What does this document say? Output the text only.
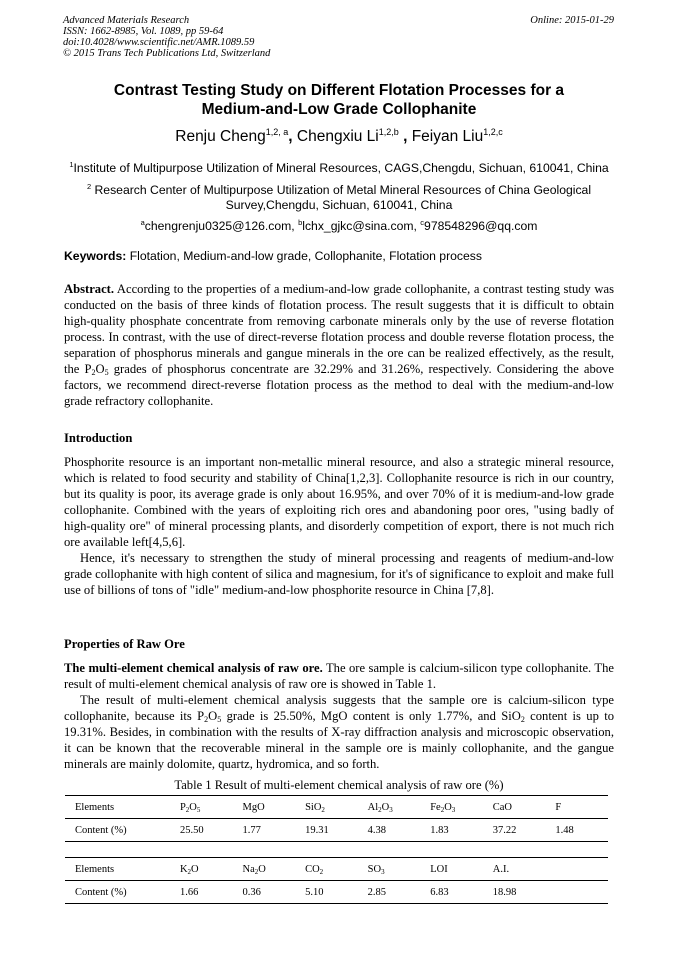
Advanced Materials Research
ISSN: 1662-8985, Vol. 1089, pp 59-64
doi:10.4028/www.scientific.net/AMR.1089.59
© 2015 Trans Tech Publications Ltd, Switzerland
Online: 2015-01-29
Contrast Testing Study on Different Flotation Processes for a
Medium-and-Low Grade Collophanite
Renju Cheng$^{1,2, a}$, Chengxiu Li$^{1,2,b}$ , Feiyan Liu$^{1,2,c}$
$^1$Institute of Multipurpose Utilization of Mineral Resources, CAGS,Chengdu, Sichuan, 610041, China
$^2$ Research Center of Multipurpose Utilization of Metal Mineral Resources of China Geological
Survey,Chengdu, Sichuan, 610041, China
$^a$chengrenju0325@126.com, $^b$lchx_gjkc@sina.com, $^c$978548296@qq.com
Keywords: Flotation, Medium-and-low grade, Collophanite, Flotation process
Abstract. According to the properties of a medium-and-low grade collophanite, a contrast testing study was conducted on the basis of three kinds of flotation process. The result suggests that it is difficult to obtain high-quality phosphate concentrate from removing carbonate minerals only by the use of reverse flotation process. In contrast, with the use of direct-reverse flotation process and double reverse flotation process, the separation of phosphorus minerals and gangue minerals in the ore can be realized effectively, as the result, the $P_2O_5$ grades of phosphorus concentrate are 32.29% and 31.26%, respectively. Considering the above factors, we recommend direct-reverse flotation process as the method to deal with the medium-and-low grade refractory collophanite.
Introduction
Phosphorite resource is an important non-metallic mineral resource, and also a strategic mineral resource, which is related to food security and stability of China[1,2,3]. Collophanite resource is rich in our country, but its quality is poor, its average grade is only about 16.95%, and over 70% of it is medium-and-low grade collophanite. Combined with the years of exploiting rich ores and abandoning poor ores, "using badly of high-quality ore" of mineral processing plants, and disorderly competition of export, there is not much rich ore available left[4,5,6].
Hence, it's necessary to strengthen the study of mineral processing and reagents of medium-and-low grade collophanite with high content of silica and magnesium, for it's of significance to exploit and make full use of billions of tons of "idle" medium-and-low phosphorite resource in China [7,8].
Properties of Raw Ore
The multi-element chemical analysis of raw ore. The ore sample is calcium-silicon type collophanite. The result of multi-element chemical analysis of raw ore is showed in Table 1.
The result of multi-element chemical analysis suggests that the sample ore is calcium-silicon type collophanite, because its $P_2O_5$ grade is 25.50%, MgO content is only 1.77%, and SiO$_2$ content is up to 19.31%. Besides, in combination with the results of X-ray diffraction analysis and microscopic observation, it can be known that the recoverable mineral in the sample ore is mainly collophanite, and the gangue minerals are mainly dolomite, quartz, hydromica, and so forth.
Table 1 Result of multi-element chemical analysis of raw ore (%)
Elements	$P_2O_5$	MgO	SiO$_2$	$Al_2O_3$	$Fe_2O_3$	CaO	F
Content (%)	25.50	1.77	19.31	4.38	1.83	37.22	1.48
Elements	$K_2O$	$Na_2O$	$CO_2$	$SO_3$	LOI	A.I.	
Content (%)	1.66	0.36	5.10	2.85	6.83	18.98	
